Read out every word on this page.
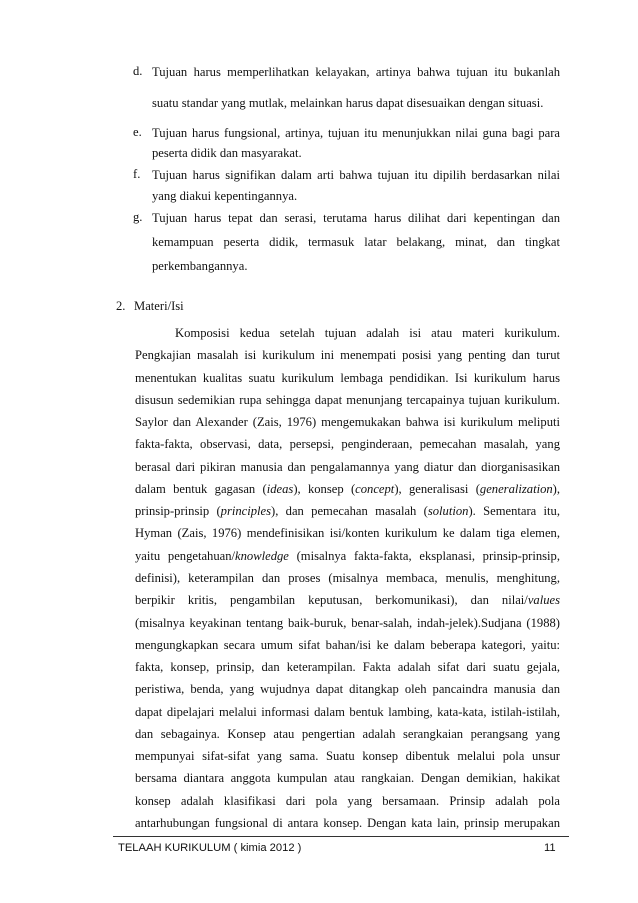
d. Tujuan harus memperlihatkan kelayakan, artinya bahwa tujuan itu bukanlah
suatu standar yang mutlak, melainkan harus dapat disesuaikan dengan situasi.
e. Tujuan harus fungsional, artinya, tujuan itu menunjukkan nilai guna bagi para
peserta didik dan masyarakat.
f. Tujuan harus signifikan dalam arti bahwa tujuan itu dipilih berdasarkan nilai
yang diakui kepentingannya.
g. Tujuan harus tepat dan serasi, terutama harus dilihat dari kepentingan dan
kemampuan peserta didik, termasuk latar belakang, minat, dan tingkat
perkembangannya.
2. Materi/Isi
Komposisi kedua setelah tujuan adalah isi atau materi kurikulum.
Pengkajian masalah isi kurikulum ini menempati posisi yang penting dan turut
menentukan kualitas suatu kurikulum lembaga pendidikan. Isi kurikulum harus
disusun sedemikian rupa sehingga dapat menunjang tercapainya tujuan kurikulum.
Saylor dan Alexander (Zais, 1976) mengemukakan bahwa isi kurikulum meliputi
fakta-fakta, observasi, data, persepsi, penginderaan, pemecahan masalah, yang
berasal dari pikiran manusia dan pengalamannya yang diatur dan diorganisasikan
dalam bentuk gagasan (ideas), konsep (concept), generalisasi (generalization),
prinsip-prinsip (principles), dan pemecahan masalah (solution). Sementara itu,
Hyman (Zais, 1976) mendefinisikan isi/konten kurikulum ke dalam tiga elemen,
yaitu pengetahuan/knowledge (misalnya fakta-fakta, eksplanasi, prinsip-prinsip,
definisi), keterampilan dan proses (misalnya membaca, menulis, menghitung,
berpikir kritis, pengambilan keputusan, berkomunikasi), dan nilai/values
(misalnya keyakinan tentang baik-buruk, benar-salah, indah-jelek).Sudjana (1988)
mengungkapkan secara umum sifat bahan/isi ke dalam beberapa kategori, yaitu:
fakta, konsep, prinsip, dan keterampilan. Fakta adalah sifat dari suatu gejala,
peristiwa, benda, yang wujudnya dapat ditangkap oleh pancaindra manusia dan
dapat dipelajari melalui informasi dalam bentuk lambing, kata-kata, istilah-istilah,
dan sebagainya. Konsep atau pengertian adalah serangkaian perangsang yang
mempunyai sifat-sifat yang sama. Suatu konsep dibentuk melalui pola unsur
bersama diantara anggota kumpulan atau rangkaian. Dengan demikian, hakikat
konsep adalah klasifikasi dari pola yang bersamaan. Prinsip adalah pola
antarhubungan fungsional di antara konsep. Dengan kata lain, prinsip merupakan
TELAAH KURIKULUM ( kimia 2012 )	11
